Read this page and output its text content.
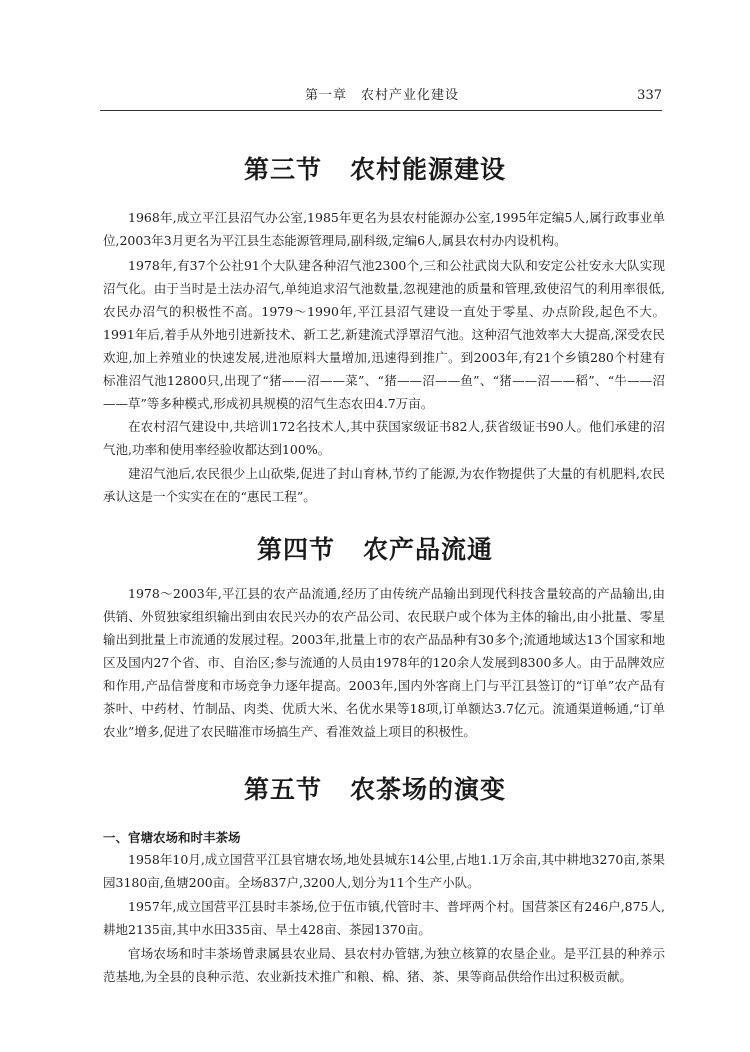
第一章　农村产业化建设	337
第三节 农村能源建设

1968年,成立平江县沼气办公室,1985年更名为县农村能源办公室,1995年定编5人,属行政事业单位,2003年3月更名为平江县生态能源管理局,副科级,定编6人,属县农村办内设机构。

1978年,有37个公社91个大队建各种沼气池2300个,三和公社武岗大队和安定公社安永大队实现沼气化。由于当时是土法办沼气,单纯追求沼气池数量,忽视建池的质量和管理,致使沼气的利用率很低,农民办沼气的积极性不高。1979～1990年,平江县沼气建设一直处于零星、办点阶段,起色不大。1991年后,着手从外地引进新技术、新工艺,新建流式浮罩沼气池。这种沼气池效率大大提高,深受农民欢迎,加上养殖业的快速发展,进池原料大量增加,迅速得到推广。到2003年,有21个乡镇280个村建有标准沼气池12800只,出现了“猪——沼——菜”、“猪——沼——鱼”、“猪——沼——稻”、“牛——沼——草”等多种模式,形成初具规模的沼气生态农田4.7万亩。

在农村沼气建设中,共培训172名技术人,其中获国家级证书82人,获省级证书90人。他们承建的沼气池,功率和使用率经验收都达到100%。

建沼气池后,农民很少上山砍柴,促进了封山育林,节约了能源,为农作物提供了大量的有机肥料,农民承认这是一个实实在在的“惠民工程”。

第四节 农产品流通

1978～2003年,平江县的农产品流通,经历了由传统产品输出到现代科技含量较高的产品输出,由供销、外贸独家组织输出到由农民兴办的农产品公司、农民联户或个体为主体的输出,由小批量、零星输出到批量上市流通的发展过程。2003年,批量上市的农产品品种有30多个;流通地域达13个国家和地区及国内27个省、市、自治区;参与流通的人员由1978年的120余人发展到8300多人。由于品牌效应和作用,产品信誉度和市场竞争力逐年提高。2003年,国内外客商上门与平江县签订的“订单”农产品有茶叶、中药材、竹制品、肉类、优质大米、名优水果等18项,订单额达3.7亿元。流通渠道畅通,“订单农业”增多,促进了农民瞄准市场搞生产、看准效益上项目的积极性。

第五节 农茶场的演变
一、官塘农场和时丰茶场

1958年10月,成立国营平江县官塘农场,地处县城东14公里,占地1.1万余亩,其中耕地3270亩,茶果园3180亩,鱼塘200亩。全场837户,3200人,划分为11个生产小队。

1957年,成立国营平江县时丰茶场,位于伍市镇,代管时丰、普坪两个村。国营茶区有246户,875人,耕地2135亩,其中水田335亩、旱土428亩、茶园1370亩。

官场农场和时丰茶场曾隶属县农业局、县农村办管辖,为独立核算的农垦企业。是平江县的种养示范基地,为全县的良种示范、农业新技术推广和粮、棉、猪、茶、果等商品供给作出过积极贡献。
